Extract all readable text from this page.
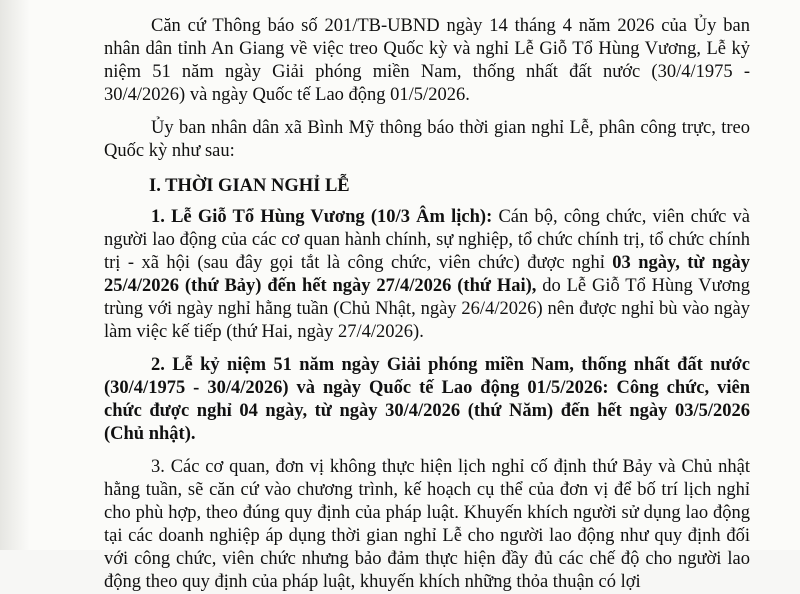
Căn cứ Thông báo số 201/TB-UBND ngày 14 tháng 4 năm 2026 của Ủy ban nhân dân tỉnh An Giang về việc treo Quốc kỳ và nghỉ Lễ Giỗ Tổ Hùng Vương, Lễ kỷ niệm 51 năm ngày Giải phóng miền Nam, thống nhất đất nước (30/4/1975 - 30/4/2026) và ngày Quốc tế Lao động 01/5/2026.

Ủy ban nhân dân xã Bình Mỹ thông báo thời gian nghỉ Lễ, phân công trực, treo Quốc kỳ như sau:

I. THỜI GIAN NGHỈ LỄ

1. Lễ Giỗ Tổ Hùng Vương (10/3 Âm lịch): Cán bộ, công chức, viên chức và người lao động của các cơ quan hành chính, sự nghiệp, tổ chức chính trị, tổ chức chính trị - xã hội (sau đây gọi tắt là công chức, viên chức) được nghỉ 03 ngày, từ ngày 25/4/2026 (thứ Bảy) đến hết ngày 27/4/2026 (thứ Hai), do Lễ Giỗ Tổ Hùng Vương trùng với ngày nghỉ hằng tuần (Chủ Nhật, ngày 26/4/2026) nên được nghỉ bù vào ngày làm việc kế tiếp (thứ Hai, ngày 27/4/2026).

2. Lễ kỷ niệm 51 năm ngày Giải phóng miền Nam, thống nhất đất nước (30/4/1975 - 30/4/2026) và ngày Quốc tế Lao động 01/5/2026: Công chức, viên chức được nghỉ 04 ngày, từ ngày 30/4/2026 (thứ Năm) đến hết ngày 03/5/2026 (Chủ nhật).

3. Các cơ quan, đơn vị không thực hiện lịch nghỉ cố định thứ Bảy và Chủ nhật hằng tuần, sẽ căn cứ vào chương trình, kế hoạch cụ thể của đơn vị để bố trí lịch nghỉ cho phù hợp, theo đúng quy định của pháp luật. Khuyến khích người sử dụng lao động tại các doanh nghiệp áp dụng thời gian nghỉ Lễ cho người lao động như quy định đối với công chức, viên chức nhưng bảo đảm thực hiện đầy đủ các chế độ cho người lao động theo quy định của pháp luật, khuyến khích những thỏa thuận có lợi
